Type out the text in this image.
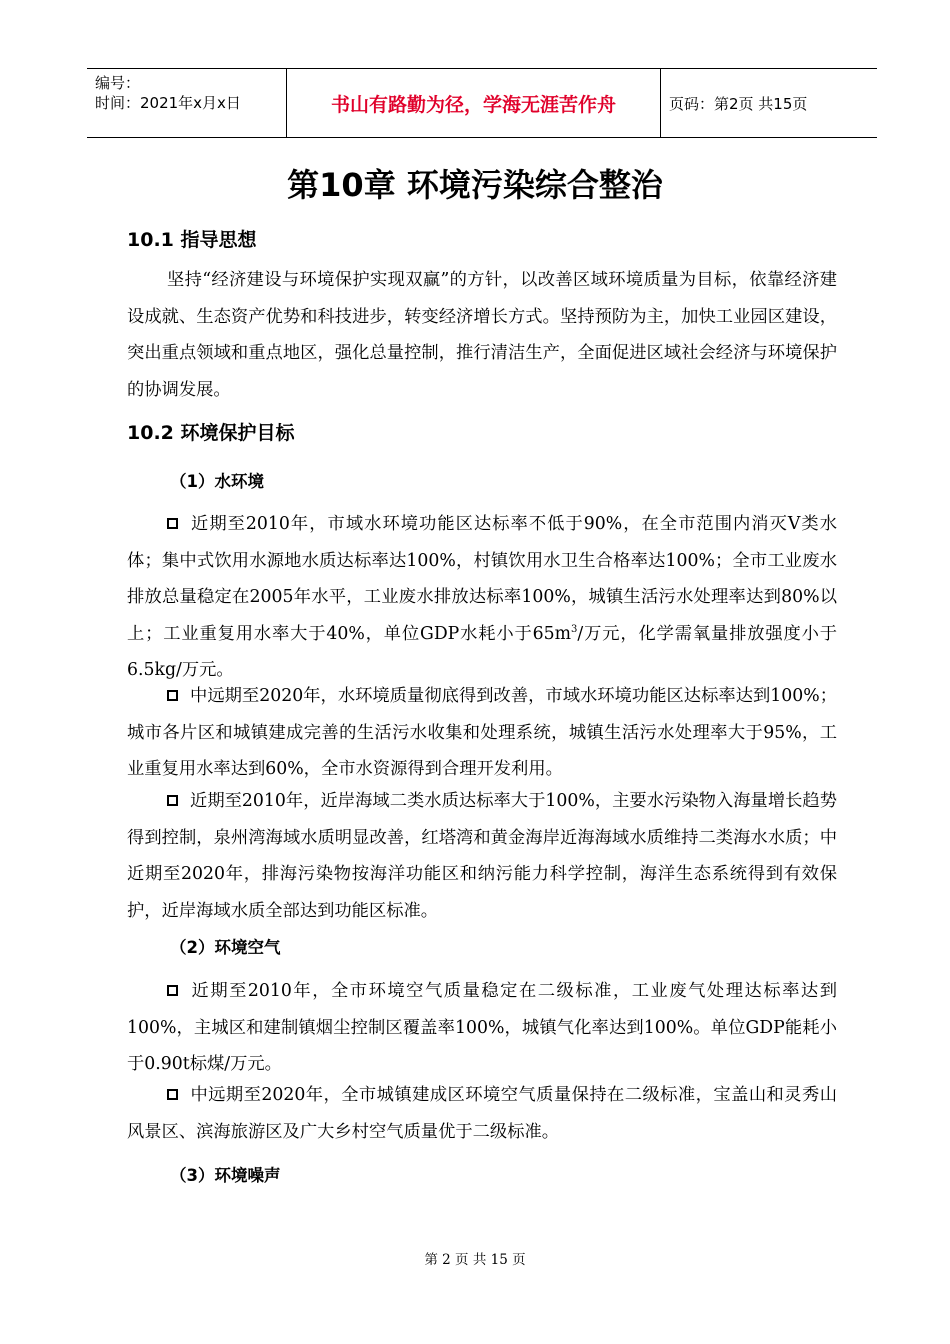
编号：
时间：2021年x月x日	书山有路勤为径，学海无涯苦作舟	页码：第2页 共15页
第10章 环境污染综合整治
10.1 指导思想
坚持“经济建设与环境保护实现双赢”的方针，以改善区域环境质量为目标，依靠经济建设成就、生态资产优势和科技进步，转变经济增长方式。坚持预防为主，加快工业园区建设，突出重点领域和重点地区，强化总量控制，推行清洁生产，全面促进区域社会经济与环境保护的协调发展。
10.2 环境保护目标
（1）水环境
近期至2010年，市域水环境功能区达标率不低于90%，在全市范围内消灭Ⅴ类水体；集中式饮用水源地水质达标率达100%，村镇饮用水卫生合格率达100%；全市工业废水排放总量稳定在2005年水平，工业废水排放达标率100%，城镇生活污水处理率达到80%以上；工业重复用水率大于40%，单位GDP水耗小于$65m^3/$万元，化学需氧量排放强度小于6.5kg/万元。
中远期至2020年，水环境质量彻底得到改善，市域水环境功能区达标率达到100%；城市各片区和城镇建成完善的生活污水收集和处理系统，城镇生活污水处理率大于95%，工业重复用水率达到60%，全市水资源得到合理开发利用。
近期至2010年，近岸海域二类水质达标率大于100%，主要水污染物入海量增长趋势得到控制，泉州湾海域水质明显改善，红塔湾和黄金海岸近海海域水质维持二类海水水质；中近期至2020年，排海污染物按海洋功能区和纳污能力科学控制，海洋生态系统得到有效保护，近岸海域水质全部达到功能区标准。
（2）环境空气
近期至2010年，全市环境空气质量稳定在二级标准，工业废气处理达标率达到100%，主城区和建制镇烟尘控制区覆盖率100%，城镇气化率达到100%。单位GDP能耗小于0.90t标煤/万元。
中远期至2020年，全市城镇建成区环境空气质量保持在二级标准，宝盖山和灵秀山风景区、滨海旅游区及广大乡村空气质量优于二级标准。
（3）环境噪声
第 2 页 共 15 页
